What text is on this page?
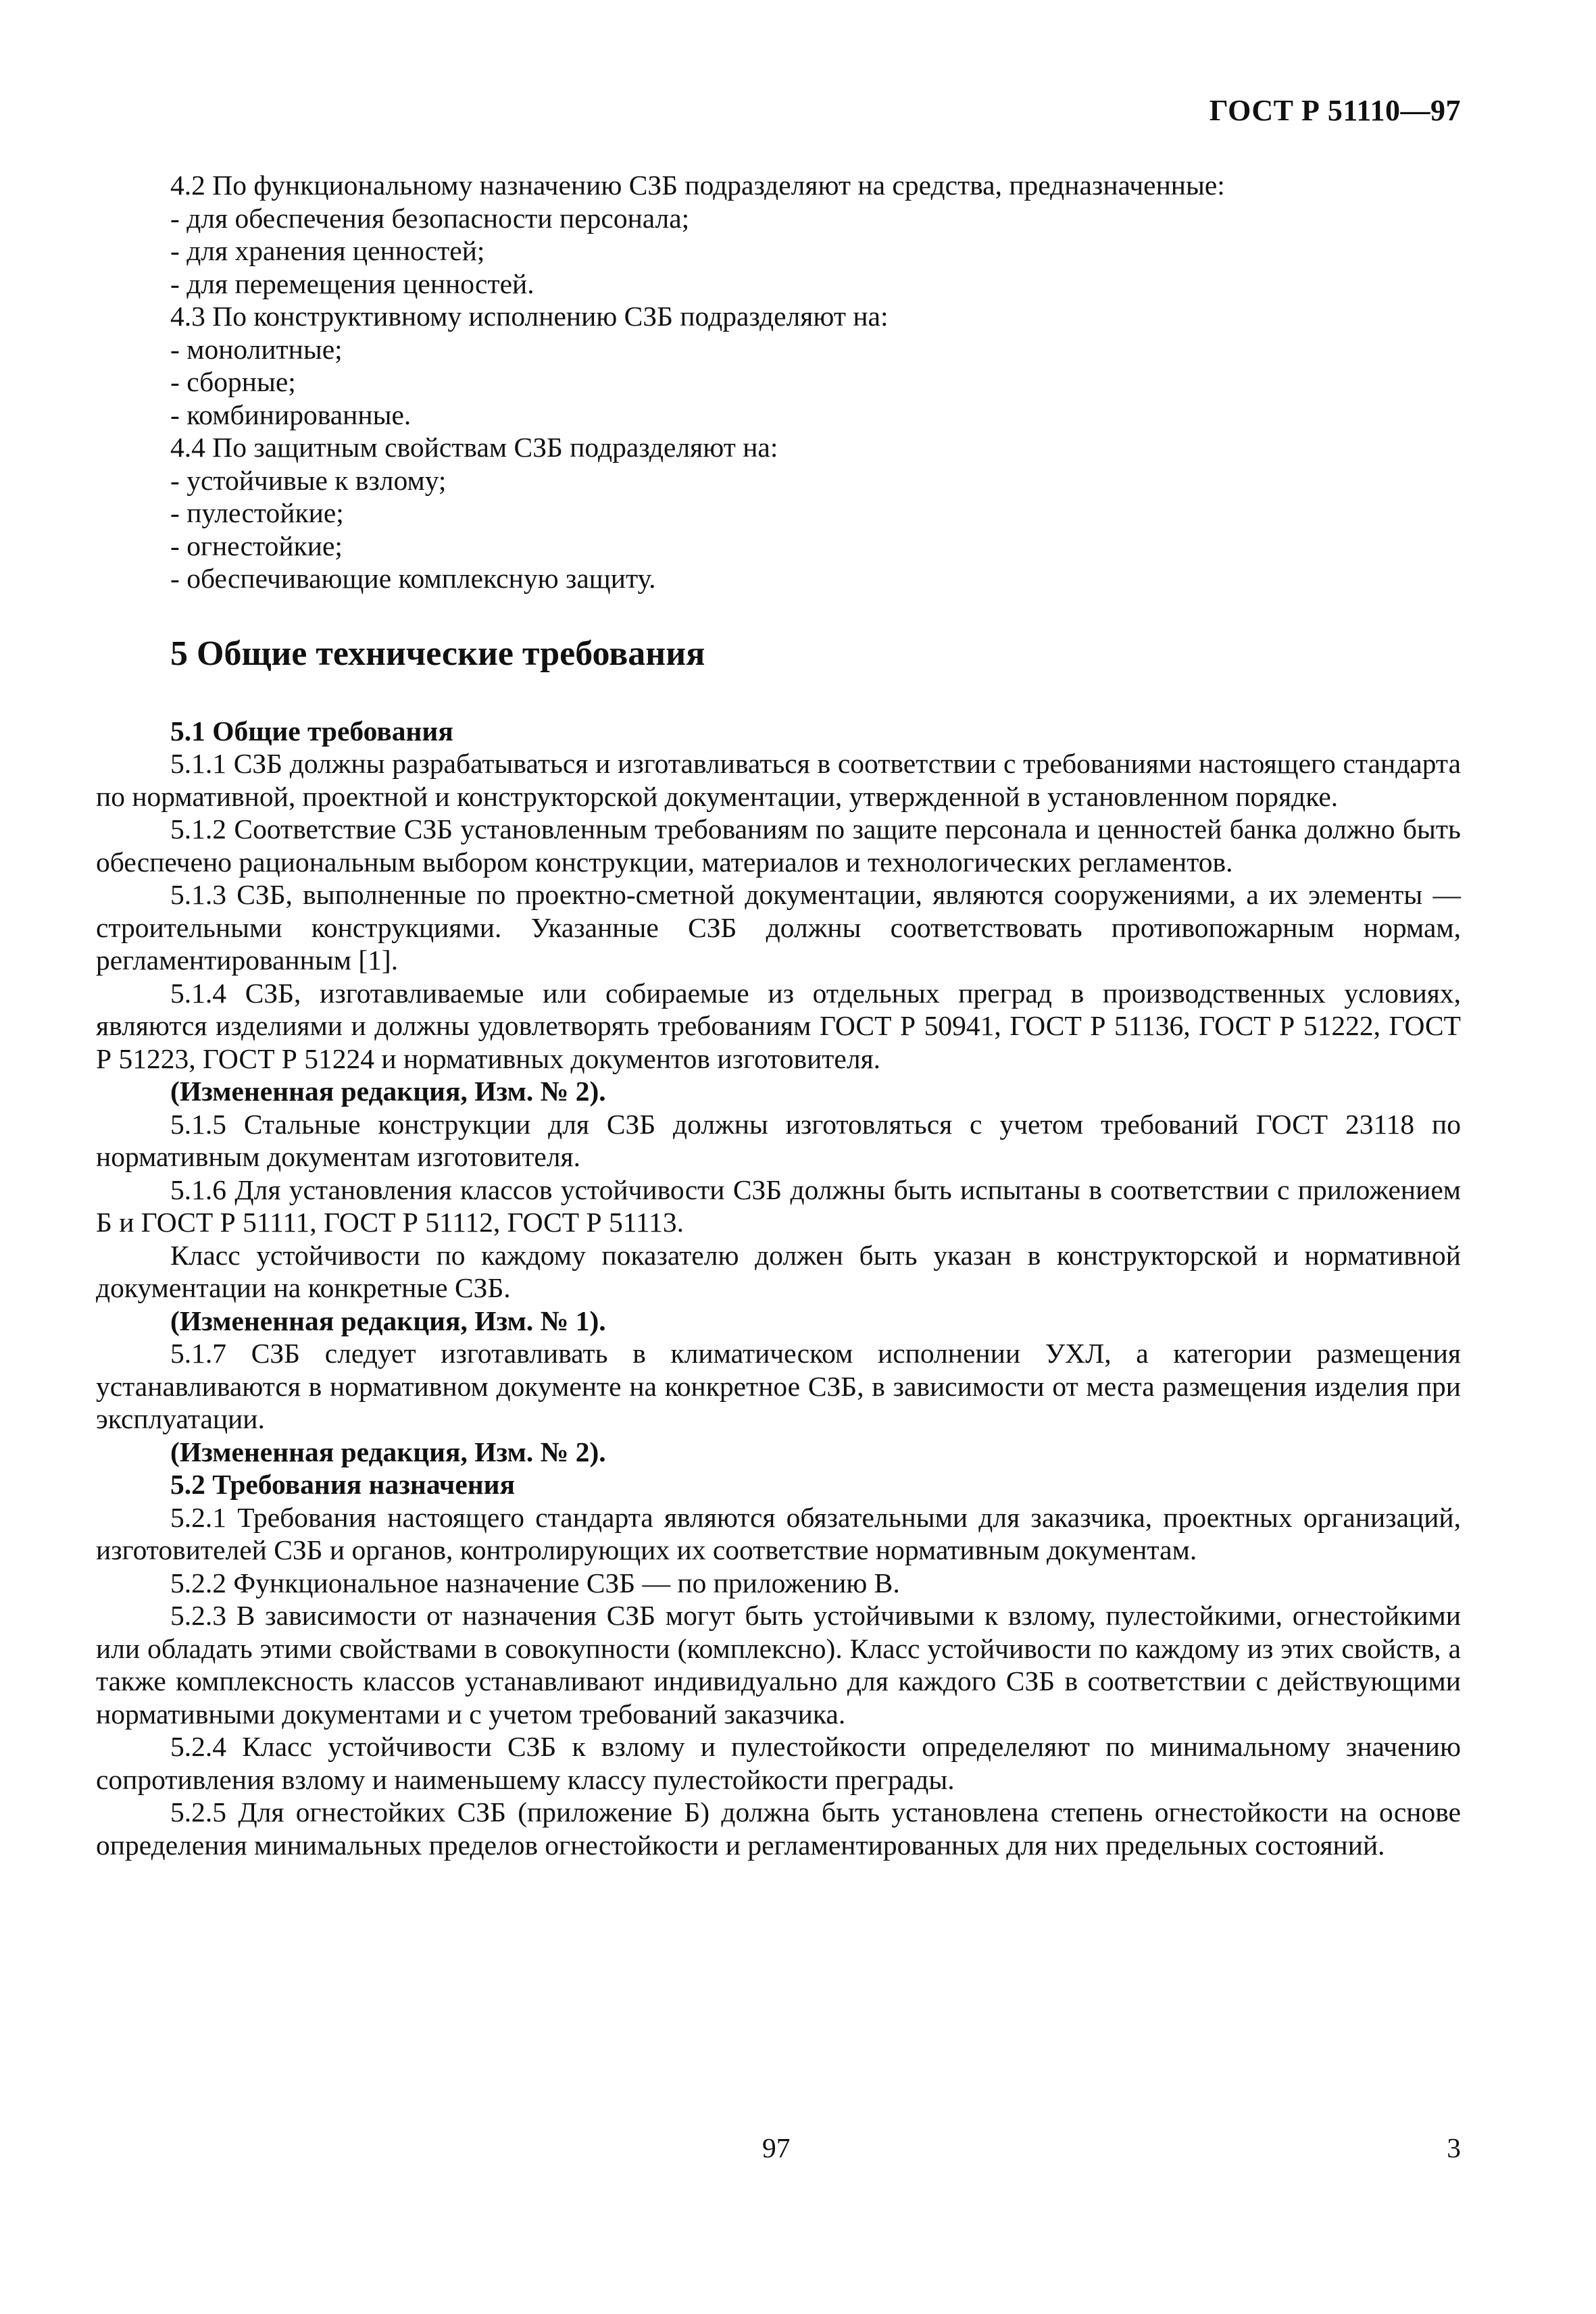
ГОСТ Р 51110—97

4.2 По функциональному назначению СЗБ подразделяют на средства, предназначенные:

- для обеспечения безопасности персонала;

- для хранения ценностей;

- для перемещения ценностей.

4.3 По конструктивному исполнению СЗБ подразделяют на:

- монолитные;

- сборные;

- комбинированные.

4.4 По защитным свойствам СЗБ подразделяют на:

- устойчивые к взлому;

- пулестойкие;

- огнестойкие;

- обеспечивающие комплексную защиту.

5 Общие технические требования

5.1 Общие требования

5.1.1 СЗБ должны разрабатываться и изготавливаться в соответствии с требованиями настоящего стандарта по нормативной, проектной и конструкторской документации, утвержденной в установленном порядке.

5.1.2 Соответствие СЗБ установленным требованиям по защите персонала и ценностей банка должно быть обеспечено рациональным выбором конструкции, материалов и технологических регламентов.

5.1.3 СЗБ, выполненные по проектно-сметной документации, являются сооружениями, а их элементы — строительными конструкциями. Указанные СЗБ должны соответствовать противопожарным нормам, регламентированным [1].

5.1.4 СЗБ, изготавливаемые или собираемые из отдельных преград в производственных условиях, являются изделиями и должны удовлетворять требованиям ГОСТ Р 50941, ГОСТ Р 51136, ГОСТ Р 51222, ГОСТ Р 51223, ГОСТ Р 51224 и нормативных документов изготовителя.

(Измененная редакция, Изм. № 2).

5.1.5 Стальные конструкции для СЗБ должны изготовляться с учетом требований ГОСТ 23118 по нормативным документам изготовителя.

5.1.6 Для установления классов устойчивости СЗБ должны быть испытаны в соответствии с приложением Б и ГОСТ Р 51111, ГОСТ Р 51112, ГОСТ Р 51113.

Класс устойчивости по каждому показателю должен быть указан в конструкторской и нормативной документации на конкретные СЗБ.

(Измененная редакция, Изм. № 1).

5.1.7 СЗБ следует изготавливать в климатическом исполнении УХЛ, а категории размещения устанавливаются в нормативном документе на конкретное СЗБ, в зависимости от места размещения изделия при эксплуатации.

(Измененная редакция, Изм. № 2).

5.2 Требования назначения

5.2.1 Требования настоящего стандарта являются обязательными для заказчика, проектных организаций, изготовителей СЗБ и органов, контролирующих их соответствие нормативным документам.

5.2.2 Функциональное назначение СЗБ — по приложению В.

5.2.3 В зависимости от назначения СЗБ могут быть устойчивыми к взлому, пулестойкими, огнестойкими или обладать этими свойствами в совокупности (комплексно). Класс устойчивости по каждому из этих свойств, а также комплексность классов устанавливают индивидуально для каждого СЗБ в соответствии с действующими нормативными документами и с учетом требований заказчика.

5.2.4 Класс устойчивости СЗБ к взлому и пулестойкости определеляют по минимальному значению сопротивления взлому и наименьшему классу пулестойкости преграды.

5.2.5 Для огнестойких СЗБ (приложение Б) должна быть установлена степень огнестойкости на основе определения минимальных пределов огнестойкости и регламентированных для них предельных состояний.

97	3
